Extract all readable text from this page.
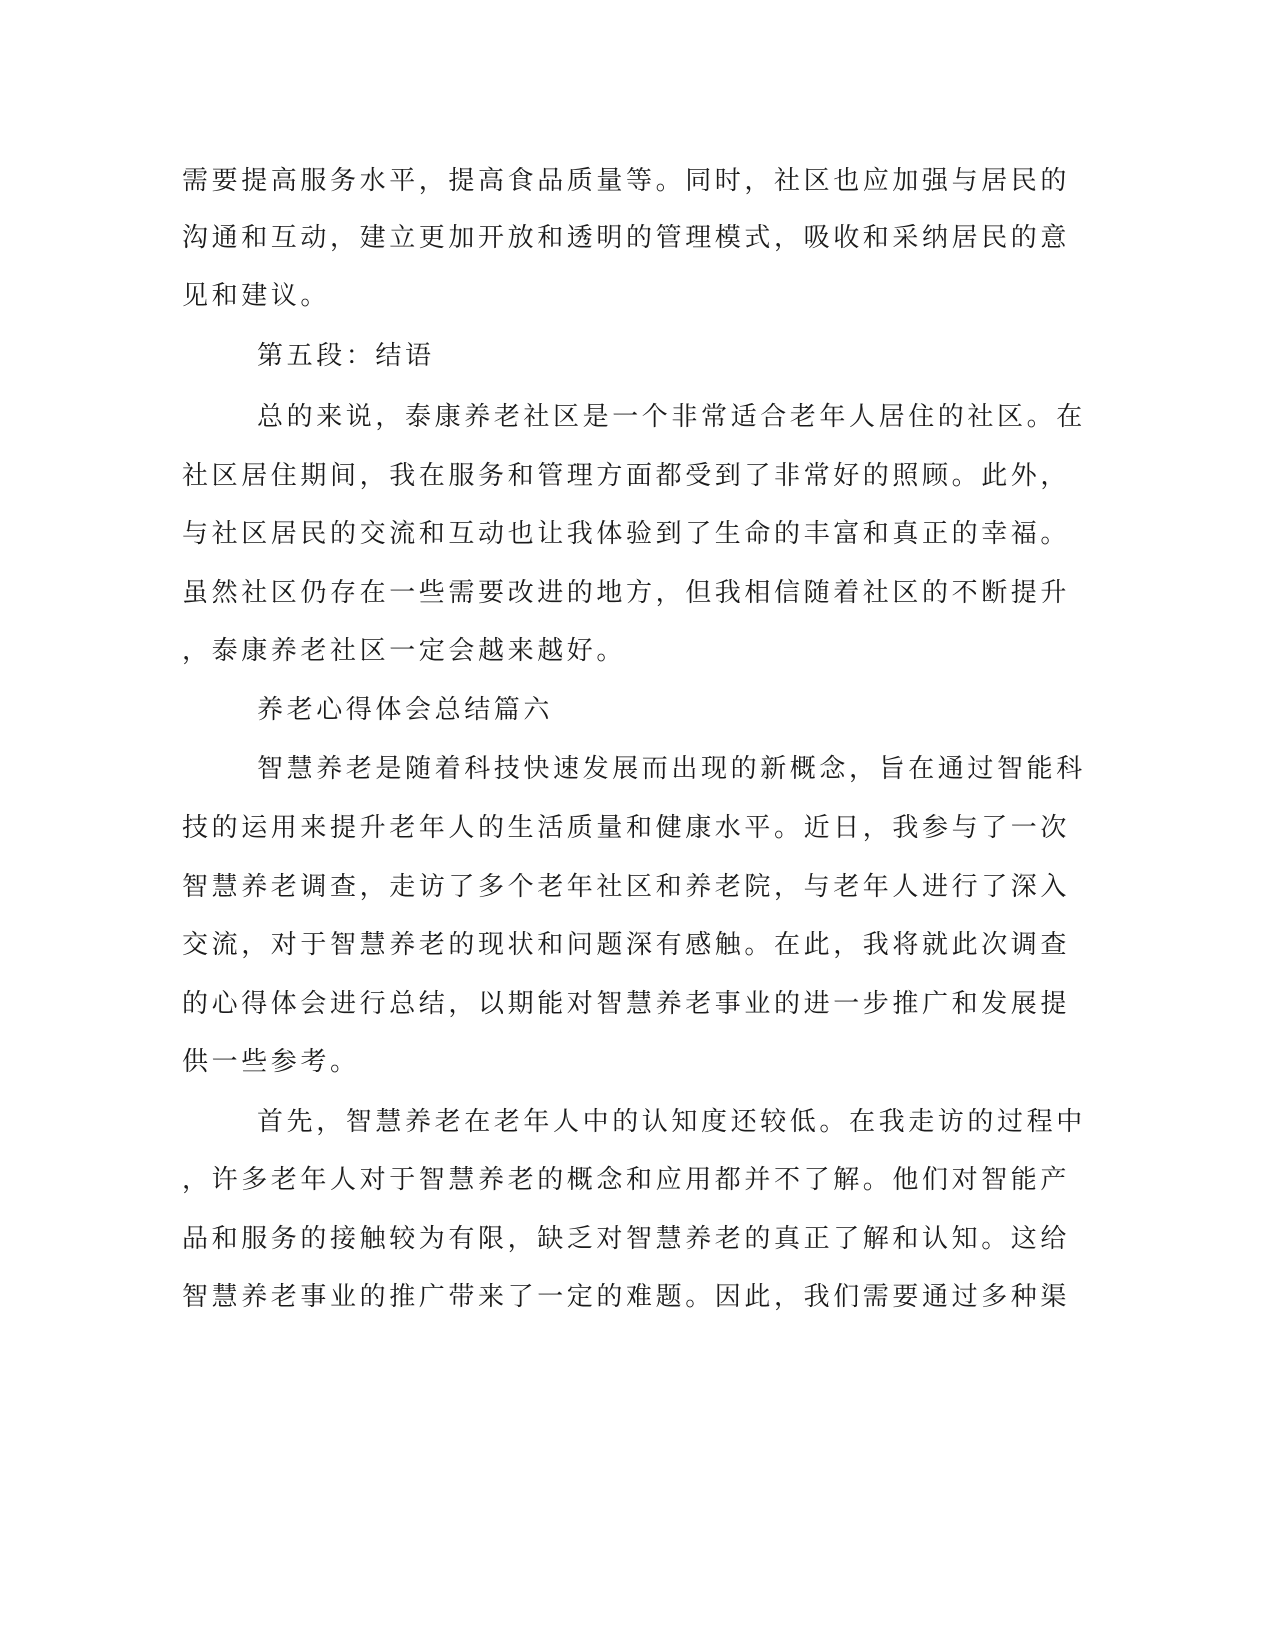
需要提高服务水平，提高食品质量等。同时，社区也应加强与居民的
沟通和互动，建立更加开放和透明的管理模式，吸收和采纳居民的意
见和建议。
第五段：结语
总的来说，泰康养老社区是一个非常适合老年人居住的社区。在
社区居住期间，我在服务和管理方面都受到了非常好的照顾。此外，
与社区居民的交流和互动也让我体验到了生命的丰富和真正的幸福。
虽然社区仍存在一些需要改进的地方，但我相信随着社区的不断提升
，泰康养老社区一定会越来越好。
养老心得体会总结篇六
智慧养老是随着科技快速发展而出现的新概念，旨在通过智能科
技的运用来提升老年人的生活质量和健康水平。近日，我参与了一次
智慧养老调查，走访了多个老年社区和养老院，与老年人进行了深入
交流，对于智慧养老的现状和问题深有感触。在此，我将就此次调查
的心得体会进行总结，以期能对智慧养老事业的进一步推广和发展提
供一些参考。
首先，智慧养老在老年人中的认知度还较低。在我走访的过程中
，许多老年人对于智慧养老的概念和应用都并不了解。他们对智能产
品和服务的接触较为有限，缺乏对智慧养老的真正了解和认知。这给
智慧养老事业的推广带来了一定的难题。因此，我们需要通过多种渠
